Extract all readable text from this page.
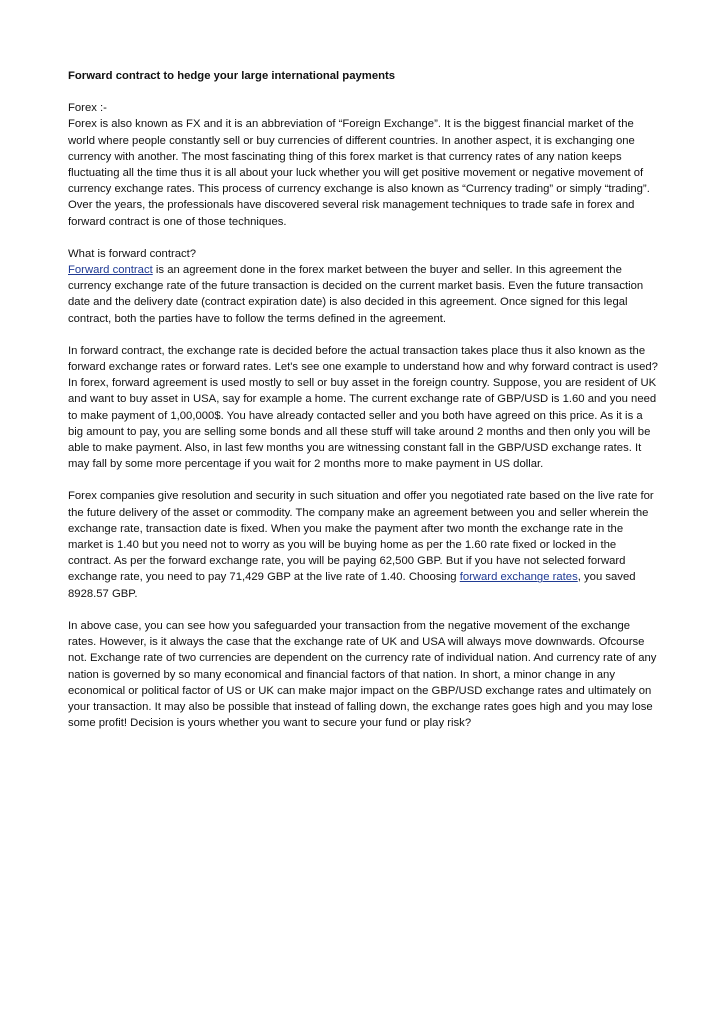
Forward contract to hedge your large international payments

Forex :-
Forex is also known as FX and it is an abbreviation of “Foreign Exchange”. It is the biggest financial market of the world where people constantly sell or buy currencies of different countries. In another aspect, it is exchanging one currency with another. The most fascinating thing of this forex market is that currency rates of any nation keeps fluctuating all the time thus it is all about your luck whether you will get positive movement or negative movement of currency exchange rates. This process of currency exchange is also known as “Currency trading” or simply “trading”. Over the years, the professionals have discovered several risk management techniques to trade safe in forex and forward contract is one of those techniques.

What is forward contract?
Forward contract is an agreement done in the forex market between the buyer and seller. In this agreement the currency exchange rate of the future transaction is decided on the current market basis. Even the future transaction date and the delivery date (contract expiration date) is also decided in this agreement. Once signed for this legal contract, both the parties have to follow the terms defined in the agreement.

In forward contract, the exchange rate is decided before the actual transaction takes place thus it also known as the forward exchange rates or forward rates. Let's see one example to understand how and why forward contract is used? In forex, forward agreement is used mostly to sell or buy asset in the foreign country. Suppose, you are resident of UK and want to buy asset in USA, say for example a home. The current exchange rate of GBP/USD is 1.60 and you need to make payment of 1,00,000$. You have already contacted seller and you both have agreed on this price. As it is a big amount to pay, you are selling some bonds and all these stuff will take around 2 months and then only you will be able to make payment. Also, in last few months you are witnessing constant fall in the GBP/USD exchange rates. It may fall by some more percentage if you wait for 2 months more to make payment in US dollar.

Forex companies give resolution and security in such situation and offer you negotiated rate based on the live rate for the future delivery of the asset or commodity. The company make an agreement between you and seller wherein the exchange rate, transaction date is fixed. When you make the payment after two month the exchange rate in the market is 1.40 but you need not to worry as you will be buying home as per the 1.60 rate fixed or locked in the contract. As per the forward exchange rate, you will be paying 62,500 GBP. But if you have not selected forward exchange rate, you need to pay 71,429 GBP at the live rate of 1.40. Choosing forward exchange rates, you saved 8928.57 GBP.

In above case, you can see how you safeguarded your transaction from the negative movement of the exchange rates. However, is it always the case that the exchange rate of UK and USA will always move downwards. Ofcourse not. Exchange rate of two currencies are dependent on the currency rate of individual nation. And currency rate of any nation is governed by so many economical and financial factors of that nation. In short, a minor change in any economical or political factor of US or UK can make major impact on the GBP/USD exchange rates and ultimately on your transaction. It may also be possible that instead of falling down, the exchange rates goes high and you may lose some profit! Decision is yours whether you want to secure your fund or play risk?
